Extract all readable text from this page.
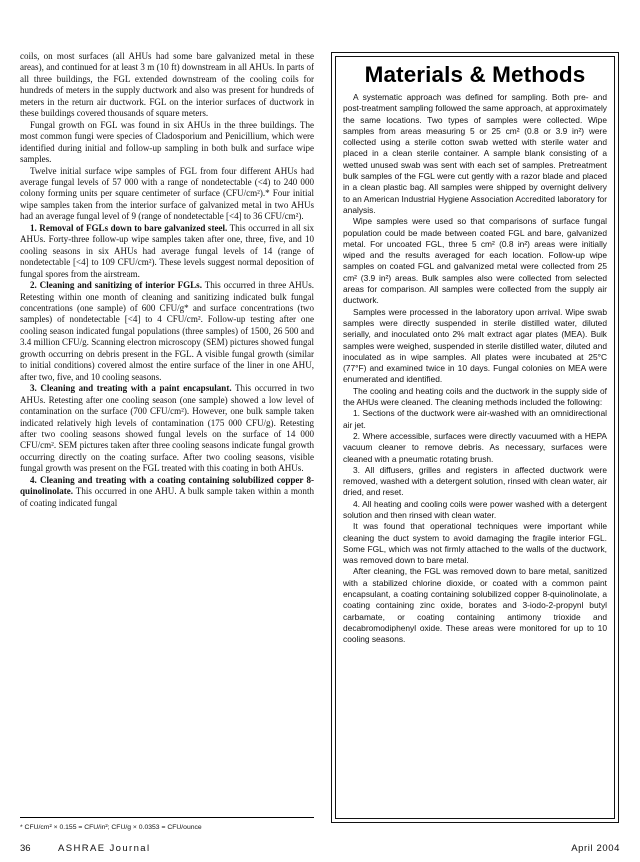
coils, on most surfaces (all AHUs had some bare galvanized metal in these areas), and continued for at least 3 m (10 ft) downstream in all AHUs. In parts of all three buildings, the FGL extended downstream of the cooling coils for hundreds of meters in the supply ductwork and also was present for hundreds of meters in the return air ductwork. FGL on the interior surfaces of ductwork in these buildings covered thousands of square meters.

Fungal growth on FGL was found in six AHUs in the three buildings. The most common fungi were species of Cladosporium and Penicillium, which were identified during initial and follow-up sampling in both bulk and surface wipe samples.

Twelve initial surface wipe samples of FGL from four different AHUs had average fungal levels of 57 000 with a range of nondetectable (<4) to 240 000 colony forming units per square centimeter of surface (CFU/cm²).* Four initial wipe samples taken from the interior surface of galvanized metal in two AHUs had an average fungal level of 9 (range of nondetectable [<4] to 36 CFU/cm²).

1. Removal of FGLs down to bare galvanized steel. This occurred in all six AHUs. Forty-three follow-up wipe samples taken after one, three, five, and 10 cooling seasons in six AHUs had average fungal levels of 14 (range of nondetectable [<4] to 109 CFU/cm²). These levels suggest normal deposition of fungal spores from the airstream.

2. Cleaning and sanitizing of interior FGLs. This occurred in three AHUs. Retesting within one month of cleaning and sanitizing indicated bulk fungal concentrations (one sample) of 600 CFU/g* and surface concentrations (two samples) of nondetectable [<4] to 4 CFU/cm². Follow-up testing after one cooling season indicated fungal populations (three samples) of 1500, 26 500 and 3.4 million CFU/g. Scanning electron microscopy (SEM) pictures showed fungal growth occurring on debris present in the FGL. A visible fungal growth (similar to initial conditions) covered almost the entire surface of the liner in one AHU, after two, five, and 10 cooling seasons.

3. Cleaning and treating with a paint encapsulant. This occurred in two AHUs. Retesting after one cooling season (one sample) showed a low level of contamination on the surface (700 CFU/cm²). However, one bulk sample taken indicated relatively high levels of contamination (175 000 CFU/g). Retesting after two cooling seasons showed fungal levels on the surface of 14 000 CFU/cm². SEM pictures taken after three cooling seasons indicate fungal growth occurring directly on the coating surface. After two cooling seasons, visible fungal growth was present on the FGL treated with this coating in both AHUs.

4. Cleaning and treating with a coating containing solubilized copper 8-quinolinolate. This occurred in one AHU. A bulk sample taken within a month of coating indicated fungal

Materials & Methods

A systematic approach was defined for sampling. Both pre- and post-treatment sampling followed the same approach, at approximately the same locations. Two types of samples were collected. Wipe samples from areas measuring 5 or 25 cm² (0.8 or 3.9 in²) were collected using a sterile cotton swab wetted with sterile water and placed in a clean sterile container. A sample blank consisting of a wetted unused swab was sent with each set of samples. Pretreatment bulk samples of the FGL were cut gently with a razor blade and placed in a clean plastic bag. All samples were shipped by overnight delivery to an American Industrial Hygiene Association Accredited laboratory for analysis.

Wipe samples were used so that comparisons of surface fungal population could be made between coated FGL and bare, galvanized metal. For uncoated FGL, three 5 cm² (0.8 in²) areas were initially wiped and the results averaged for each location. Follow-up wipe samples on coated FGL and galvanized metal were collected from 25 cm² (3.9 in²) areas. Bulk samples also were collected from selected areas for comparison. All samples were collected from the supply air ductwork.

Samples were processed in the laboratory upon arrival. Wipe swab samples were directly suspended in sterile distilled water, diluted serially, and inoculated onto 2% malt extract agar plates (MEA). Bulk samples were weighed, suspended in sterile distilled water, diluted and inoculated as in wipe samples. All plates were incubated at 25°C (77°F) and examined twice in 10 days. Fungal colonies on MEA were enumerated and identified.

The cooling and heating coils and the ductwork in the supply side of the AHUs were cleaned. The cleaning methods included the following:

1. Sections of the ductwork were air-washed with an omnidirectional air jet.

2. Where accessible, surfaces were directly vacuumed with a HEPA vacuum cleaner to remove debris. As necessary, surfaces were cleaned with a pneumatic rotating brush.

3. All diffusers, grilles and registers in affected ductwork were removed, washed with a detergent solution, rinsed with clean water, air dried, and reset.

4. All heating and cooling coils were power washed with a detergent solution and then rinsed with clean water.

It was found that operational techniques were important while cleaning the duct system to avoid damaging the fragile interior FGL. Some FGL, which was not firmly attached to the walls of the ductwork, was removed down to bare metal.

After cleaning, the FGL was removed down to bare metal, sanitized with a stabilized chlorine dioxide, or coated with a common paint encapsulant, a coating containing solubilized copper 8-quinolinolate, a coating containing zinc oxide, borates and 3-iodo-2-propynl butyl carbamate, or coating containing antimony trioxide and decabromodiphenyl oxide. These areas were monitored for up to 10 cooling seasons.

* CFU/cm² × 0.155 = CFU/in²; CFU/g × 0.0353 = CFU/ounce
36	ASHRAE Journal	April 2004
